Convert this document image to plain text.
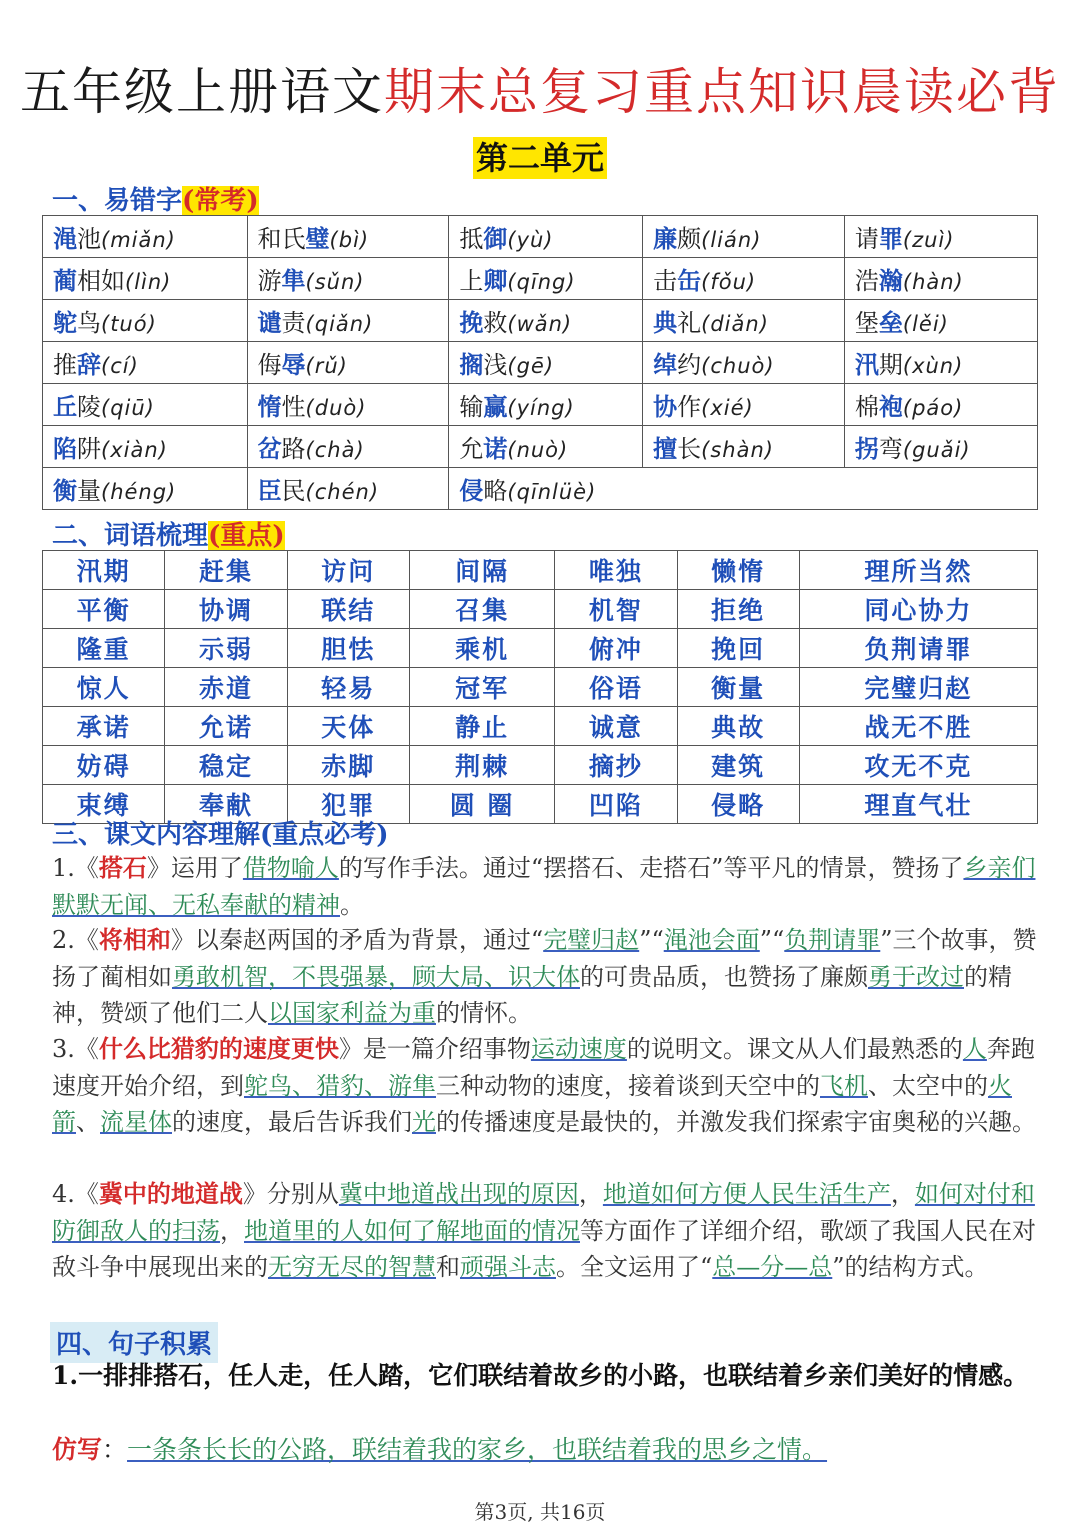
五年级上册语文期末总复习重点知识晨读必背
第二单元
一、易错字(常考)
渑池(miǎn)	和氏璧(bì)	抵御(yù)	廉颇(lián)	请罪(zuì)
蔺相如(lìn)	游隼(sǔn)	上卿(qīng)	击缶(fǒu)	浩瀚(hàn)
鸵鸟(tuó)	谴责(qiǎn)	挽救(wǎn)	典礼(diǎn)	堡垒(lěi)
推辞(cí)	侮辱(rǔ)	搁浅(gē)	绰约(chuò)	汛期(xùn)
丘陵(qiū)	惰性(duò)	输赢(yíng)	协作(xié)	棉袍(páo)
陷阱(xiàn)	岔路(chà)	允诺(nuò)	擅长(shàn)	拐弯(guǎi)
衡量(héng)	臣民(chén)	侵略(qīnlüè)		
二、词语梳理(重点)
汛期	赶集	访问	间隔	唯独	懒惰	理所当然
平衡	协调	联结	召集	机智	拒绝	同心协力
隆重	示弱	胆怯	乘机	俯冲	挽回	负荆请罪
惊人	赤道	轻易	冠军	俗语	衡量	完璧归赵
承诺	允诺	天体	静止	诚意	典故	战无不胜
妨碍	稳定	赤脚	荆棘	摘抄	建筑	攻无不克
束缚	奉献	犯罪	圆 圈	凹陷	侵略	理直气壮
三、课文内容理解(重点必考)
1.《搭石》运用了借物喻人的写作手法。通过“摆搭石、走搭石”等平凡的情景，赞扬了乡亲们默默无闻、无私奉献的精神。
2.《将相和》以秦赵两国的矛盾为背景，通过“完璧归赵”“渑池会面”“负荆请罪”三个故事，赞扬了蔺相如勇敢机智，不畏强暴，顾大局、识大体的可贵品质，也赞扬了廉颇勇于改过的精神，赞颂了他们二人以国家利益为重的情怀。
3.《什么比猎豹的速度更快》是一篇介绍事物运动速度的说明文。课文从人们最熟悉的人奔跑速度开始介绍，到鸵鸟、猎豹、游隼三种动物的速度，接着谈到天空中的飞机、太空中的火箭、流星体的速度，最后告诉我们光的传播速度是最快的，并激发我们探索宇宙奥秘的兴趣。
4.《冀中的地道战》分别从冀中地道战出现的原因，地道如何方便人民生活生产，如何对付和防御敌人的扫荡，地道里的人如何了解地面的情况等方面作了详细介绍，歌颂了我国人民在对敌斗争中展现出来的无穷无尽的智慧和顽强斗志。全文运用了“总—分—总”的结构方式。
四、句子积累
1.一排排搭石，任人走，任人踏，它们联结着故乡的小路，也联结着乡亲们美好的情感。
仿写：一条条长长的公路，联结着我的家乡，也联结着我的思乡之情。
第3页, 共16页
